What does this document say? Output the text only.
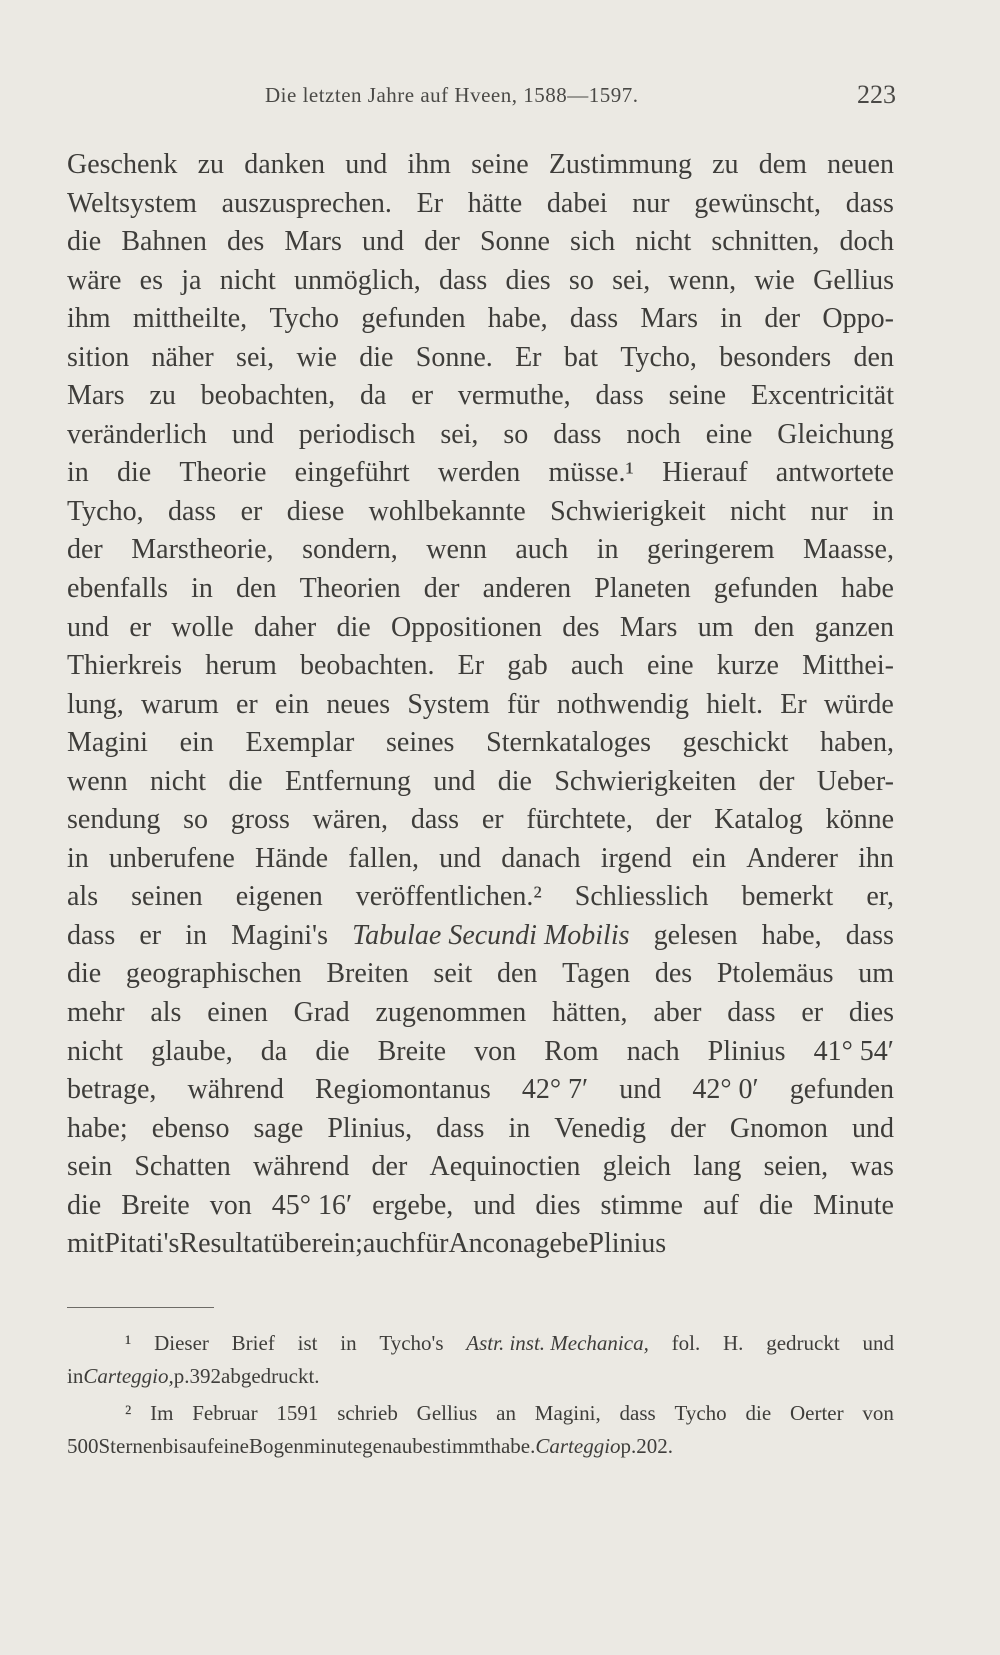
Die letzten Jahre auf Hveen, 1588—1597.	223
Geschenk zu danken und ihm seine Zustimmung zu dem neuen
Weltsystem auszusprechen. Er hätte dabei nur gewünscht, dass
die Bahnen des Mars und der Sonne sich nicht schnitten, doch
wäre es ja nicht unmöglich, dass dies so sei, wenn, wie Gellius
ihm mittheilte, Tycho gefunden habe, dass Mars in der Oppo-
sition näher sei, wie die Sonne. Er bat Tycho, besonders den
Mars zu beobachten, da er vermuthe, dass seine Excentricität
veränderlich und periodisch sei, so dass noch eine Gleichung
in die Theorie eingeführt werden müsse.¹ Hierauf antwortete
Tycho, dass er diese wohlbekannte Schwierigkeit nicht nur in
der Marstheorie, sondern, wenn auch in geringerem Maasse,
ebenfalls in den Theorien der anderen Planeten gefunden habe
und er wolle daher die Oppositionen des Mars um den ganzen
Thierkreis herum beobachten. Er gab auch eine kurze Mitthei-
lung, warum er ein neues System für nothwendig hielt. Er würde
Magini ein Exemplar seines Sternkataloges geschickt haben,
wenn nicht die Entfernung und die Schwierigkeiten der Ueber-
sendung so gross wären, dass er fürchtete, der Katalog könne
in unberufene Hände fallen, und danach irgend ein Anderer ihn
als seinen eigenen veröffentlichen.² Schliesslich bemerkt er,
dass er in Magini's Tabulae Secundi Mobilis gelesen habe, dass
die geographischen Breiten seit den Tagen des Ptolemäus um
mehr als einen Grad zugenommen hätten, aber dass er dies
nicht glaube, da die Breite von Rom nach Plinius 41° 54′
betrage, während Regiomontanus 42° 7′ und 42° 0′ gefunden
habe; ebenso sage Plinius, dass in Venedig der Gnomon und
sein Schatten während der Aequinoctien gleich lang seien, was
die Breite von 45° 16′ ergebe, und dies stimme auf die Minute
mit Pitati's Resultat überein; auch für Ancona gebe Plinius
¹ Dieser Brief ist in Tycho's Astr. inst. Mechanica, fol. H. gedruckt und
in Carteggio, p. 392 abgedruckt.
² Im Februar 1591 schrieb Gellius an Magini, dass Tycho die Oerter von
500 Sternen bis auf eine Bogenminute genau bestimmt habe. Carteggio p. 202.
